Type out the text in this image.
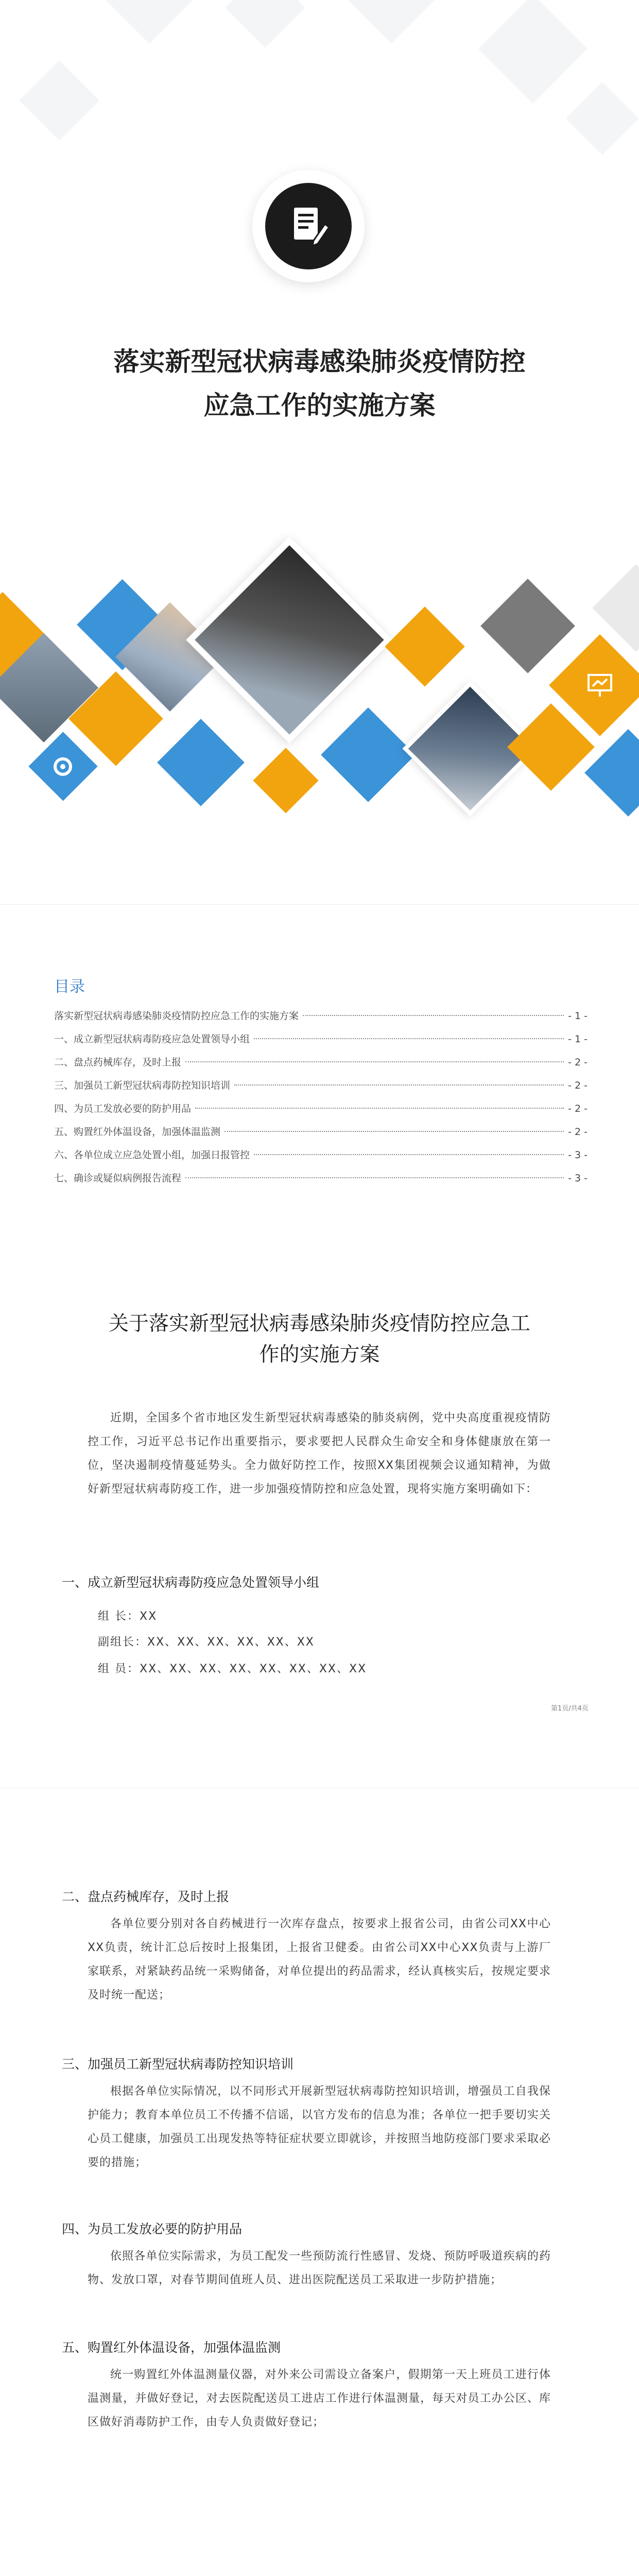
落实新型冠状病毒感染肺炎疫情防控
应急工作的实施方案
目录
落实新型冠状病毒感染肺炎疫情防控应急工作的实施方案	- 1 -
一、成立新型冠状病毒防疫应急处置领导小组	- 1 -
二、盘点药械库存，及时上报	- 2 -
三、加强员工新型冠状病毒防控知识培训	- 2 -
四、为员工发放必要的防护用品	- 2 -
五、购置红外体温设备，加强体温监测	- 2 -
六、各单位成立应急处置小组，加强日报管控	- 3 -
七、确诊或疑似病例报告流程	- 3 -
关于落实新型冠状病毒感染肺炎疫情防控应急工
作的实施方案
近期，全国多个省市地区发生新型冠状病毒感染的肺炎病例，党中央高度重视疫情防控工作，习近平总书记作出重要指示，要求要把人民群众生命安全和身体健康放在第一位，坚决遏制疫情蔓延势头。全力做好防控工作，按照XX集团视频会议通知精神，为做好新型冠状病毒防疫工作，进一步加强疫情防控和应急处置，现将实施方案明确如下：
一、成立新型冠状病毒防疫应急处置领导小组
组 长：XX
副组长：XX、XX、XX、XX、XX、XX
组 员：XX、XX、XX、XX、XX、XX、XX、XX
第1页/共4页
二、盘点药械库存，及时上报
各单位要分别对各自药械进行一次库存盘点，按要求上报省公司，由省公司XX中心XX负责，统计汇总后按时上报集团，上报省卫健委。由省公司XX中心XX负责与上游厂家联系，对紧缺药品统一采购储备，对单位提出的药品需求，经认真核实后，按规定要求及时统一配送；
三、加强员工新型冠状病毒防控知识培训
根据各单位实际情况，以不同形式开展新型冠状病毒防控知识培训，增强员工自我保护能力；教育本单位员工不传播不信谣，以官方发布的信息为准；各单位一把手要切实关心员工健康，加强员工出现发热等特征症状要立即就诊，并按照当地防疫部门要求采取必要的措施；
四、为员工发放必要的防护用品
依照各单位实际需求，为员工配发一些预防流行性感冒、发烧、预防呼吸道疾病的药物、发放口罩，对春节期间值班人员、进出医院配送员工采取进一步防护措施；
五、购置红外体温设备，加强体温监测
统一购置红外体温测量仪器，对外来公司需设立备案户，假期第一天上班员工进行体温测量，并做好登记，对去医院配送员工进店工作进行体温测量，每天对员工办公区、库区做好消毒防护工作，由专人负责做好登记；
